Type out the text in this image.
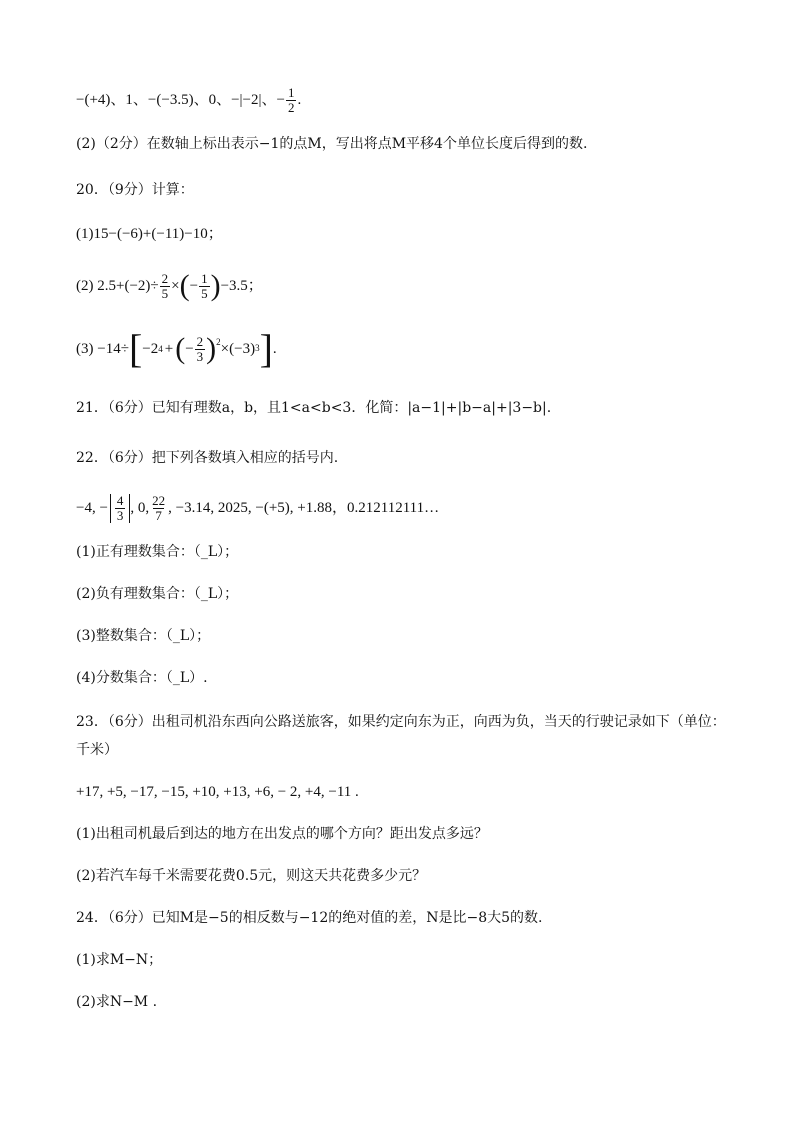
−(+4)、1、−(−3.5)、0、−|−2|、− $\frac{1}{2}$ .
(2)（2分）在数轴上标出表示−1的点M，写出将点M平移4个单位长度后得到的数.
20．（9分）计算：
(1)15−(−6)+(−11)−10；
(2) $2.5+(-2)\div \frac{2}{5}$ × ( − $\frac{1}{5}$ ) −3.5；
(3) −14÷ [ −2 4 + ( − $\frac{2}{3} )^2 \times(-3)$ 3 ] .
21．（6分）已知有理数a，b，且1<a<b<3．化简：|a−1|+|b−a|+|3−b|.
22．（6分）把下列各数填入相应的括号内.
−4, − $\frac{4}{3}$ , 0, $\frac{22}{7}$ , −3.14, 2025, −(+5), +1.88，0.212112111…
(1)正有理数集合：（_L）；
(2)负有理数集合：（_L）；
(3)整数集合：（_L）；
(4)分数集合：（_L）.
23．（6分）出租司机沿东西向公路送旅客，如果约定向东为正，向西为负，当天的行驶记录如下（单位：
千米）
+17, +5, −17, −15, +10, +13, +6, − 2, +4, −11 .
(1)出租司机最后到达的地方在出发点的哪个方向？距出发点多远？
(2)若汽车每千米需要花费0.5元，则这天共花费多少元？
24．（6分）已知M是−5的相反数与−12的绝对值的差，N是比−8大5的数.
(1)求M−N；
(2)求N−M .
